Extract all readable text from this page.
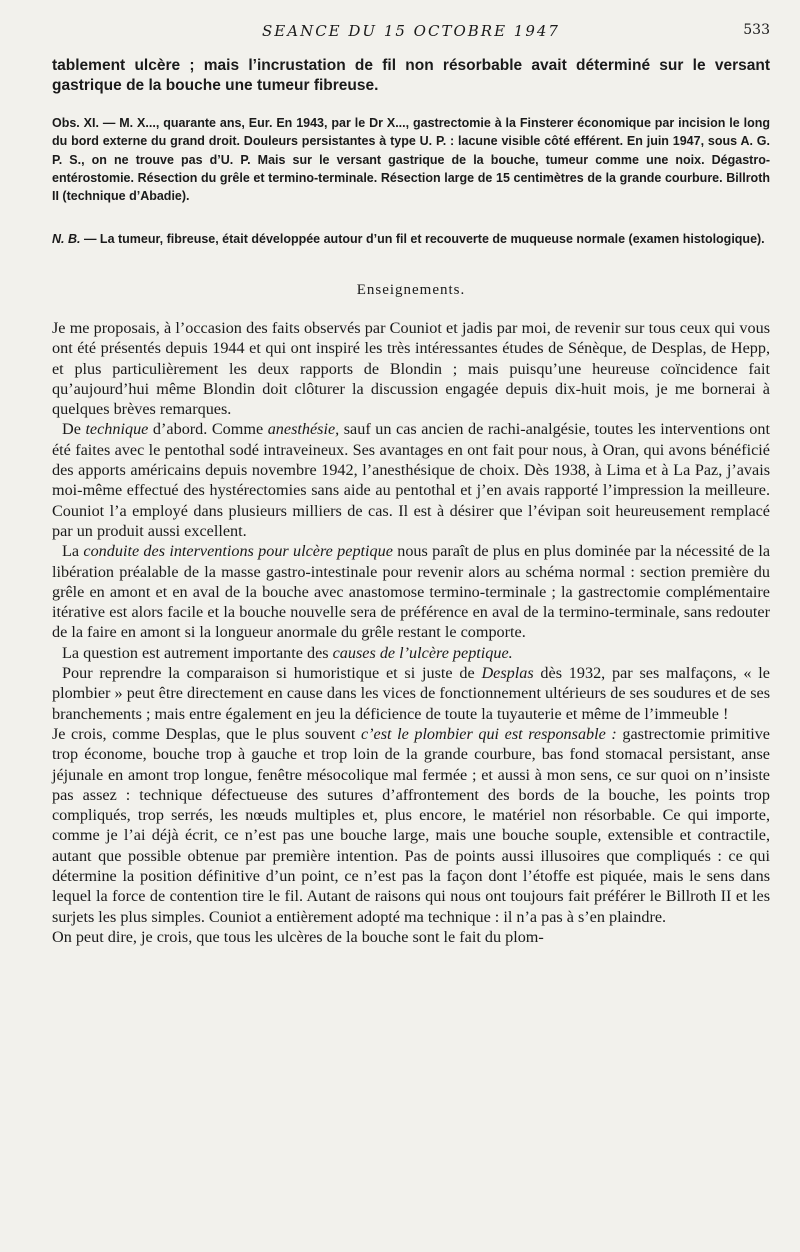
SEANCE DU 15 OCTOBRE 1947	533

tablement ulcère ; mais l’incrustation de fil non résorbable avait déterminé sur le versant gastrique de la bouche une tumeur fibreuse.

Obs. XI. — M. X..., quarante ans, Eur. En 1943, par le Dr X..., gastrectomie à la Finsterer économique par incision le long du bord externe du grand droit. Douleurs persistantes à type U. P. : lacune visible côté efférent. En juin 1947, sous A. G. P. S., on ne trouve pas d’U. P. Mais sur le versant gastrique de la bouche, tumeur comme une noix. Dégastro-entérostomie. Résection du grêle et termino-terminale. Résection large de 15 centimètres de la grande courbure. Billroth II (technique d’Abadie).

N. B. — La tumeur, fibreuse, était développée autour d’un fil et recouverte de muqueuse normale (examen histologique).

Enseignements.

Je me proposais, à l’occasion des faits observés par Couniot et jadis par moi, de revenir sur tous ceux qui vous ont été présentés depuis 1944 et qui ont inspiré les très intéressantes études de Sénèque, de Desplas, de Hepp, et plus particulièrement les deux rapports de Blondin ; mais puisqu’une heureuse coïncidence fait qu’aujourd’hui même Blondin doit clôturer la discussion engagée depuis dix-huit mois, je me bornerai à quelques brèves remarques.

De technique d’abord. Comme anesthésie, sauf un cas ancien de rachi-analgésie, toutes les interventions ont été faites avec le pentothal sodé intraveineux. Ses avantages en ont fait pour nous, à Oran, qui avons bénéficié des apports américains depuis novembre 1942, l’anesthésique de choix. Dès 1938, à Lima et à La Paz, j’avais moi-même effectué des hystérectomies sans aide au pentothal et j’en avais rapporté l’impression la meilleure. Couniot l’a employé dans plusieurs milliers de cas. Il est à désirer que l’évipan soit heureusement remplacé par un produit aussi excellent.

La conduite des interventions pour ulcère peptique nous paraît de plus en plus dominée par la nécessité de la libération préalable de la masse gastro-intestinale pour revenir alors au schéma normal : section première du grêle en amont et en aval de la bouche avec anastomose termino-terminale ; la gastrectomie complémentaire itérative est alors facile et la bouche nouvelle sera de préférence en aval de la termino-terminale, sans redouter de la faire en amont si la longueur anormale du grêle restant le comporte.

La question est autrement importante des causes de l’ulcère peptique.

Pour reprendre la comparaison si humoristique et si juste de Desplas dès 1932, par ses malfaçons, « le plombier » peut être directement en cause dans les vices de fonctionnement ultérieurs de ses soudures et de ses branchements ; mais entre également en jeu la déficience de toute la tuyauterie et même de l’immeuble !

Je crois, comme Desplas, que le plus souvent c’est le plombier qui est responsable : gastrectomie primitive trop économe, bouche trop à gauche et trop loin de la grande courbure, bas fond stomacal persistant, anse jéjunale en amont trop longue, fenêtre mésocolique mal fermée ; et aussi à mon sens, ce sur quoi on n’insiste pas assez : technique défectueuse des sutures d’affrontement des bords de la bouche, les points trop compliqués, trop serrés, les nœuds multiples et, plus encore, le matériel non résorbable. Ce qui importe, comme je l’ai déjà écrit, ce n’est pas une bouche large, mais une bouche souple, extensible et contractile, autant que possible obtenue par première intention. Pas de points aussi illusoires que compliqués : ce qui détermine la position définitive d’un point, ce n’est pas la façon dont l’étoffe est piquée, mais le sens dans lequel la force de contention tire le fil. Autant de raisons qui nous ont toujours fait préférer le Billroth II et les surjets les plus simples. Couniot a entièrement adopté ma technique : il n’a pas à s’en plaindre.

On peut dire, je crois, que tous les ulcères de la bouche sont le fait du plom-
